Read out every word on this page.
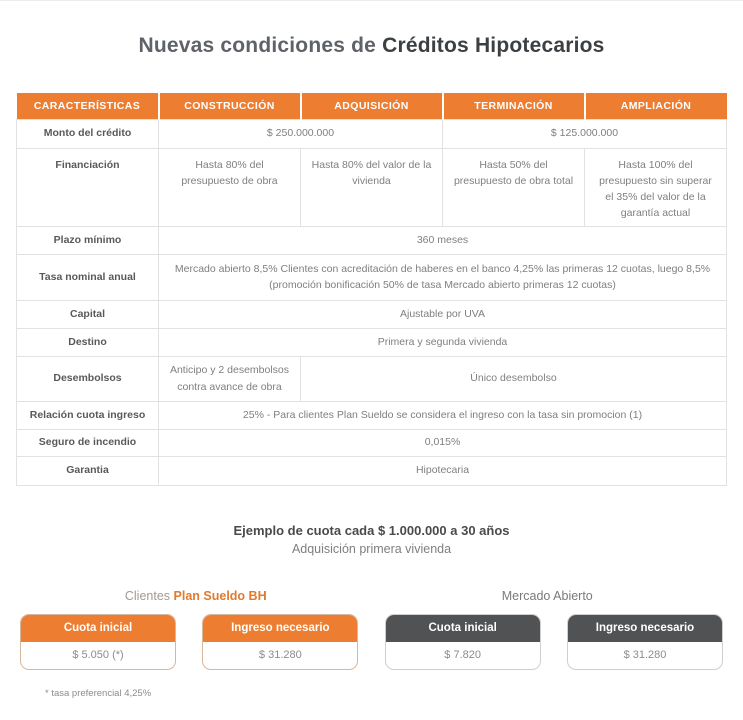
Nuevas condiciones de Créditos Hipotecarios
CARACTERÍSTICAS	CONSTRUCCIÓN	ADQUISICIÓN	TERMINACIÓN	AMPLIACIÓN
Monto del crédito	$ 250.000.000		$ 125.000.000	
Financiación	Hasta 80% del presupuesto de obra	Hasta 80% del valor de la vivienda	Hasta 50% del presupuesto de obra total	Hasta 100% del presupuesto sin superar el 35% del valor de la garantía actual
Plazo mínimo	360 meses			
Tasa nominal anual	Mercado abierto 8,5% Clientes con acreditación de haberes en el banco 4,25% las primeras 12 cuotas, luego 8,5% (promoción bonificación 50% de tasa Mercado abierto primeras 12 cuotas)			
Capital	Ajustable por UVA			
Destino	Primera y segunda vivienda			
Desembolsos	Anticipo y 2 desembolsos contra avance de obra	Único desembolso		
Relación cuota ingreso	25% - Para clientes Plan Sueldo se considera el ingreso con la tasa sin promocion (1)			
Seguro de incendio	0,015%			
Garantia	Hipotecaria			
Ejemplo de cuota cada $ 1.000.000 a 30 años
Adquisición primera vivienda
Clientes Plan Sueldo BH	Mercado Abierto
Cuota inicial
$ 5.050 (*)
Ingreso necesario
$ 31.280
Cuota inicial
$ 7.820
Ingreso necesario
$ 31.280
* tasa preferencial 4,25%
